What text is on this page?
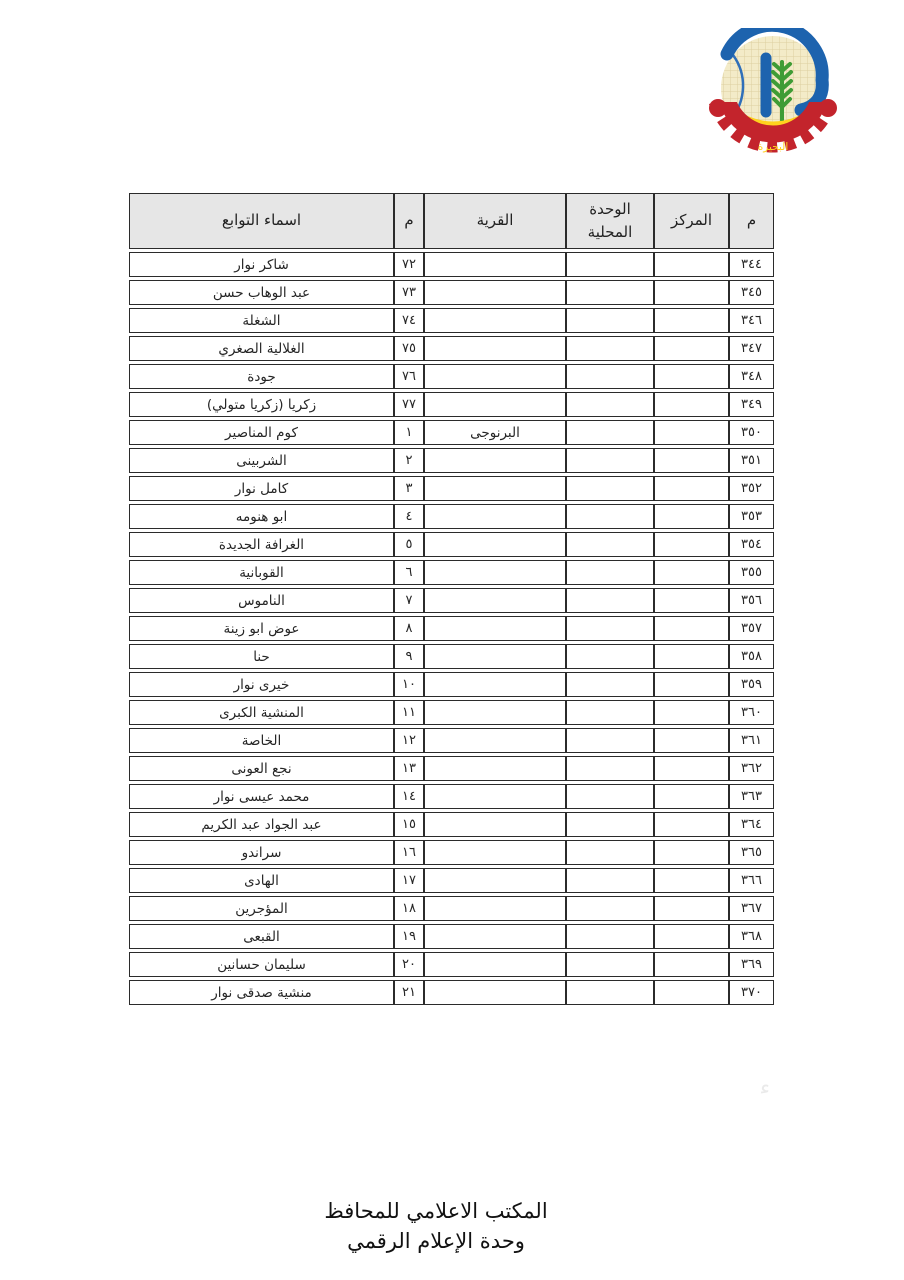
البحيرة
م	المركز	الوحدة المحلية	القرية	م	اسماء التوابع
٣٤٤				٧٢	شاكر نوار
٣٤٥				٧٣	عبد الوهاب حسن
٣٤٦				٧٤	الشغلة
٣٤٧				٧٥	الغلالية الصغري
٣٤٨				٧٦	جودة
٣٤٩				٧٧	زكريا (زكريا متولي)
٣٥٠			البرنوجى	١	كوم المناصير
٣٥١				٢	الشربينى
٣٥٢				٣	كامل نوار
٣٥٣				٤	ابو هنومه
٣٥٤				٥	الغرافة الجديدة
٣٥٥				٦	القوبانية
٣٥٦				٧	الناموس
٣٥٧				٨	عوض ابو زينة
٣٥٨				٩	حنا
٣٥٩				١٠	خيرى نوار
٣٦٠				١١	المنشية الكبرى
٣٦١				١٢	الخاصة
٣٦٢				١٣	نجع العونى
٣٦٣				١٤	محمد عيسى نوار
٣٦٤				١٥	عبد الجواد عبد الكريم
٣٦٥				١٦	سراندو
٣٦٦				١٧	الهادى
٣٦٧				١٨	المؤجرين
٣٦٨				١٩	القبعى
٣٦٩				٢٠	سليمان حسانين
٣٧٠				٢١	منشية صدقى نوار
ء
المكتب الاعلامي للمحافظ
وحدة الإعلام الرقمي
